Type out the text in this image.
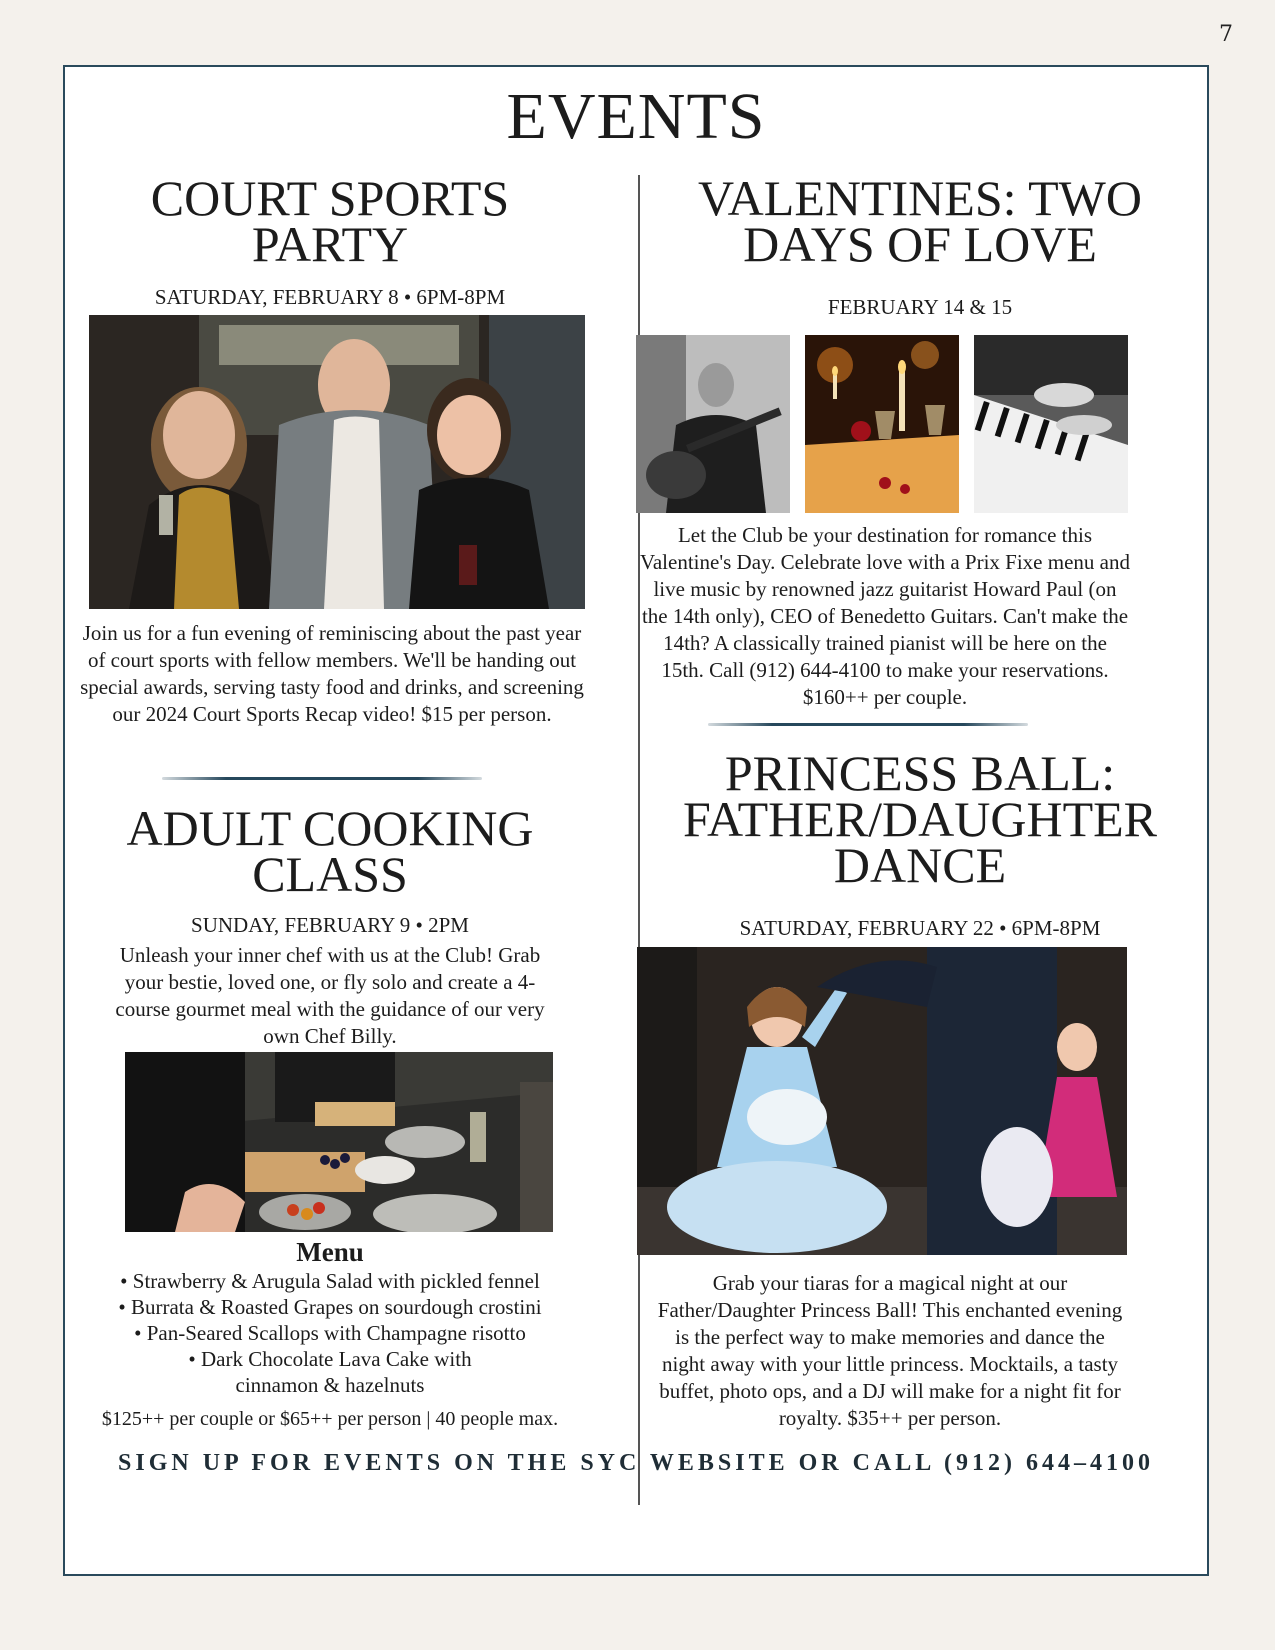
7
EVENTS
COURT SPORTS
PARTY

SATURDAY, FEBRUARY 8 • 6PM-8PM

Join us for a fun evening of reminiscing about the past year of court sports with fellow members. We'll be handing out special awards, serving tasty food and drinks, and screening our 2024 Court Sports Recap video! $15 per person.

ADULT COOKING
CLASS

SUNDAY, FEBRUARY 9 • 2PM

Unleash your inner chef with us at the Club! Grab your bestie, loved one, or fly solo and create a 4-course gourmet meal with the guidance of our very own Chef Billy.

Menu

• Strawberry & Arugula Salad with pickled fennel
• Burrata & Roasted Grapes on sourdough crostini
• Pan-Seared Scallops with Champagne risotto
• Dark Chocolate Lava Cake with
cinnamon & hazelnuts

$125++ per couple or $65++ per person | 40 people max.

VALENTINES: TWO
DAYS OF LOVE

FEBRUARY 14 & 15

Let the Club be your destination for romance this Valentine's Day. Celebrate love with a Prix Fixe menu and live music by renowned jazz guitarist Howard Paul (on the 14th only), CEO of Benedetto Guitars. Can't make the 14th? A classically trained pianist will be here on the 15th. Call (912) 644-4100 to make your reservations. $160++ per couple.

PRINCESS BALL:
FATHER/DAUGHTER
DANCE

SATURDAY, FEBRUARY 22 • 6PM-8PM

Grab your tiaras for a magical night at our Father/Daughter Princess Ball! This enchanted evening is the perfect way to make memories and dance the night away with your little princess. Mocktails, a tasty buffet, photo ops, and a DJ will make for a night fit for royalty. $35++ per person.

SIGN UP FOR EVENTS ON THE SYC WEBSITE OR CALL (912) 644–4100
